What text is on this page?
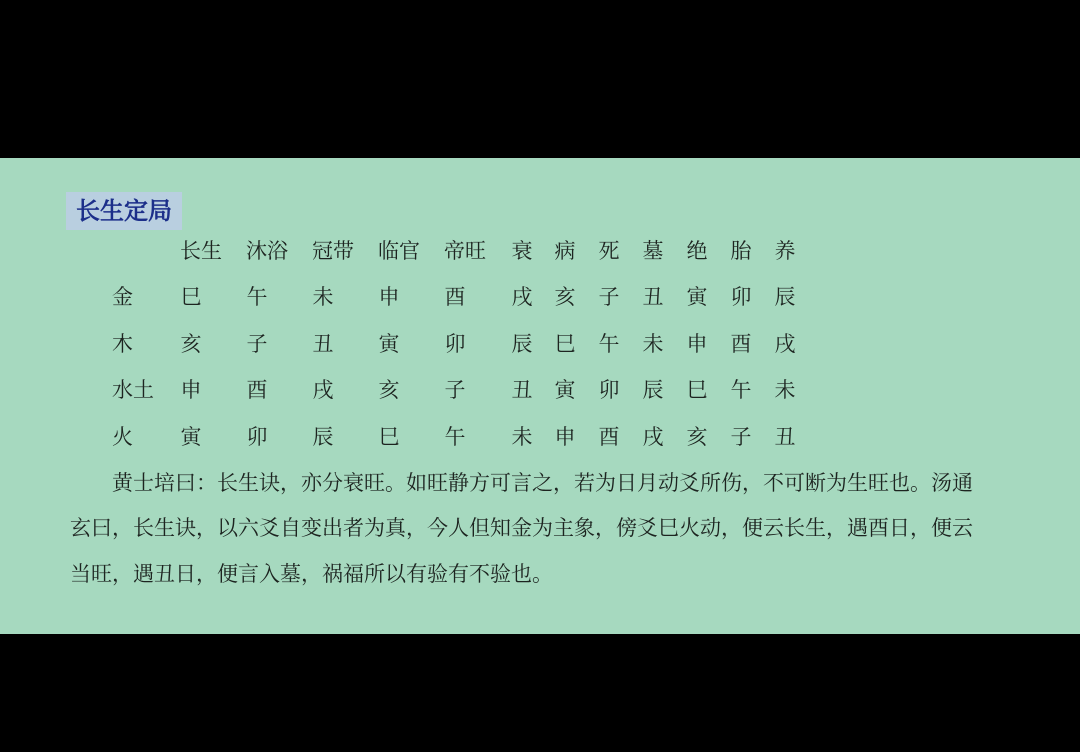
长生定局
长生 沐浴 冠带 临官 帝旺 衰 病 死 墓 绝 胎 养
金 巳 午 未 申 酉 戌 亥 子 丑 寅 卯 辰
木 亥 子 丑 寅 卯 辰 巳 午 未 申 酉 戌
水土 申 酉 戌 亥 子 丑 寅 卯 辰 巳 午 未
火 寅 卯 辰 巳 午 未 申 酉 戌 亥 子 丑
黄士培曰：长生诀，亦分衰旺。如旺静方可言之，若为日月动爻所伤，不可断为生旺也。汤通
玄曰，长生诀，以六爻自变出者为真，今人但知金为主象，傍爻巳火动，便云长生，遇酉日，便云
当旺，遇丑日，便言入墓，祸福所以有验有不验也。
